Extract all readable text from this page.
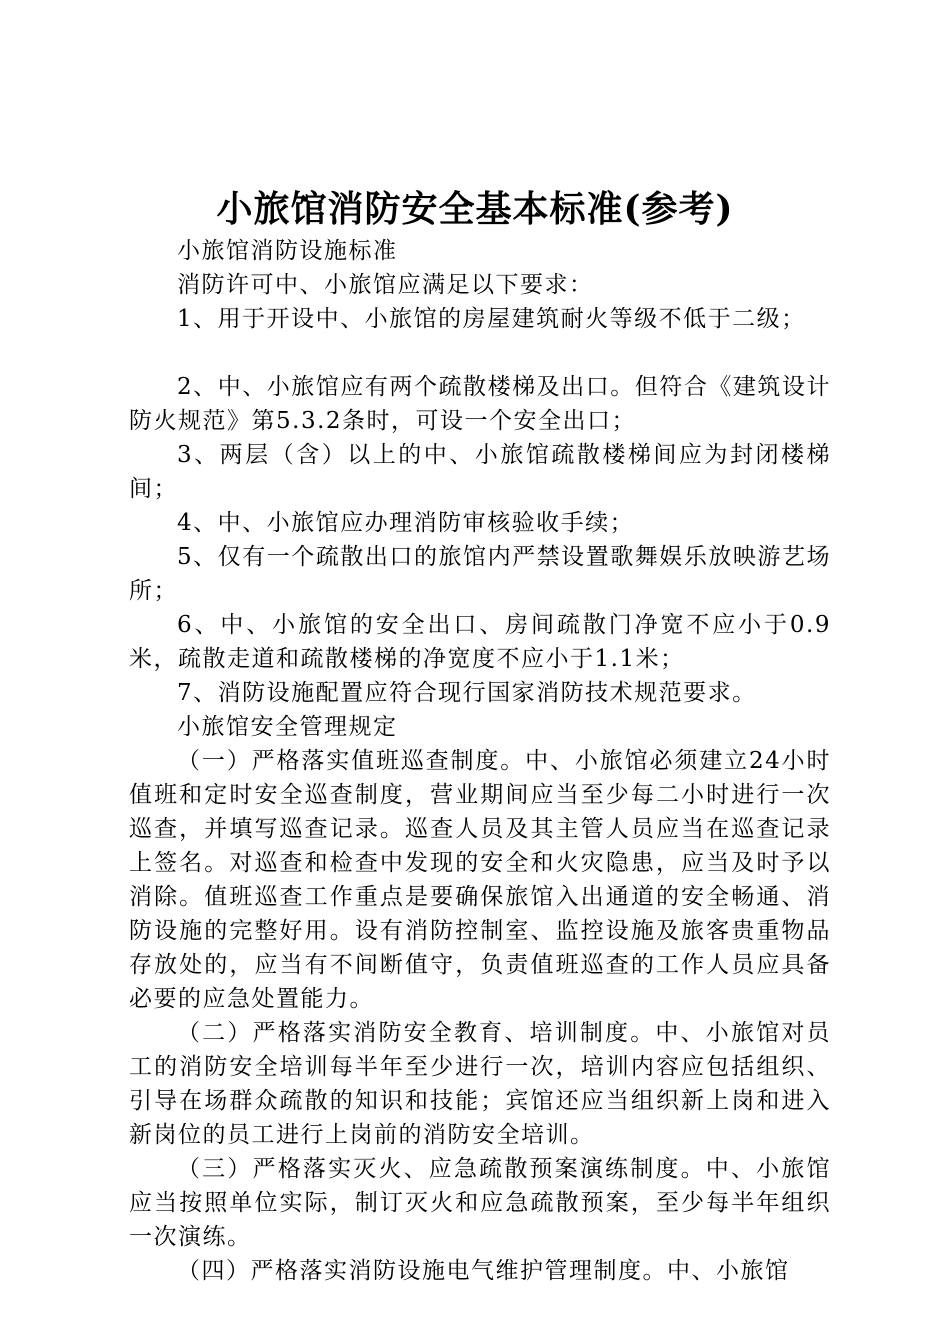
小旅馆消防安全基本标准(参考)

小旅馆消防设施标准

消防许可中、小旅馆应满足以下要求：

1、用于开设中、小旅馆的房屋建筑耐火等级不低于二级；

2、中、小旅馆应有两个疏散楼梯及出口。但符合《建筑设计防火规范》第5.3.2条时，可设一个安全出口；

3、两层（含）以上的中、小旅馆疏散楼梯间应为封闭楼梯间；

4、中、小旅馆应办理消防审核验收手续；

5、仅有一个疏散出口的旅馆内严禁设置歌舞娱乐放映游艺场所；

6、中、小旅馆的安全出口、房间疏散门净宽不应小于0.9米，疏散走道和疏散楼梯的净宽度不应小于1.1米；

7、消防设施配置应符合现行国家消防技术规范要求。

小旅馆安全管理规定

（一）严格落实值班巡查制度。中、小旅馆必须建立24小时值班和定时安全巡查制度，营业期间应当至少每二小时进行一次巡查，并填写巡查记录。巡查人员及其主管人员应当在巡查记录上签名。对巡查和检查中发现的安全和火灾隐患，应当及时予以消除。值班巡查工作重点是要确保旅馆入出通道的安全畅通、消防设施的完整好用。设有消防控制室、监控设施及旅客贵重物品存放处的，应当有不间断值守，负责值班巡查的工作人员应具备必要的应急处置能力。

（二）严格落实消防安全教育、培训制度。中、小旅馆对员工的消防安全培训每半年至少进行一次，培训内容应包括组织、引导在场群众疏散的知识和技能；宾馆还应当组织新上岗和进入新岗位的员工进行上岗前的消防安全培训。

（三）严格落实灭火、应急疏散预案演练制度。中、小旅馆应当按照单位实际，制订灭火和应急疏散预案，至少每半年组织一次演练。

（四）严格落实消防设施电气维护管理制度。中、小旅馆
